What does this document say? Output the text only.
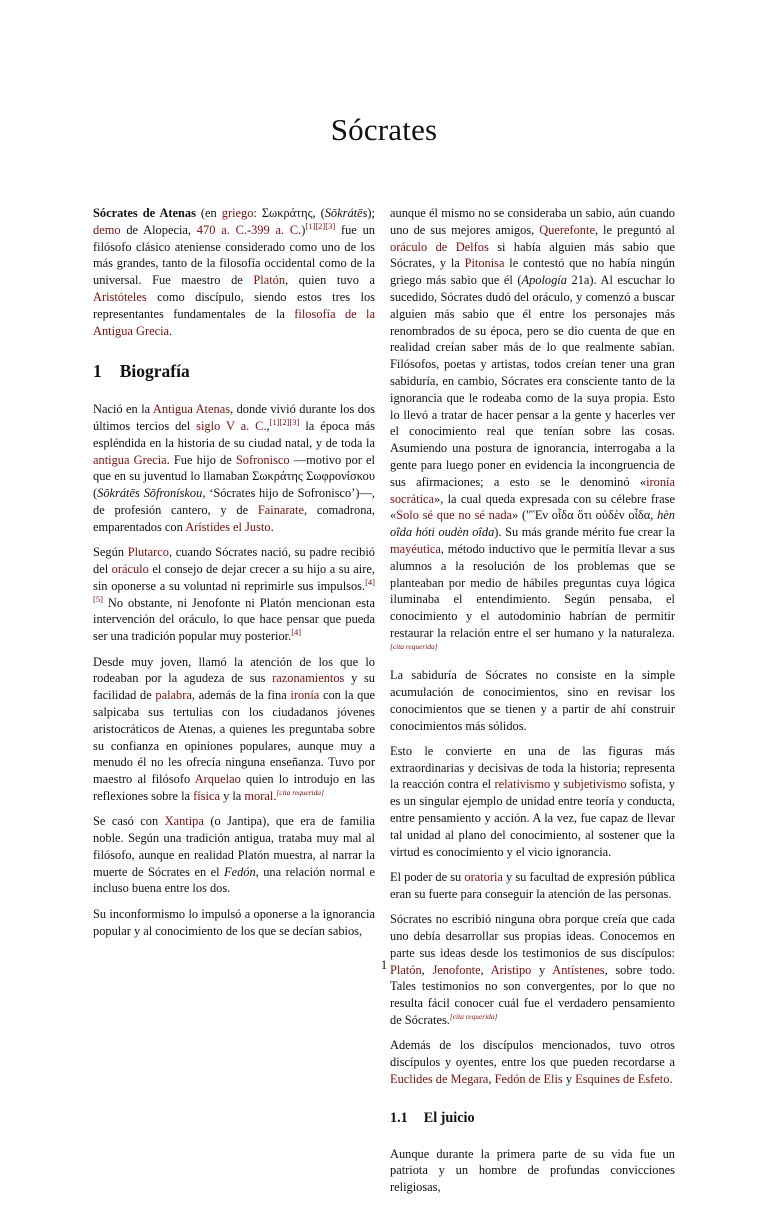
Sócrates

Sócrates de Atenas (en griego: Σωκράτης, (Sōkrátēs); demo de Alopecia, 470 a. C.-399 a. C.)[1][2][3] fue un filósofo clásico ateniense considerado como uno de los más grandes, tanto de la filosofía occidental como de la universal. Fue maestro de Platón, quien tuvo a Aristóteles como discípulo, siendo estos tres los representantes fundamentales de la filosofía de la Antigua Grecia.

1 Biografía

Nació en la Antigua Atenas, donde vivió durante los dos últimos tercios del siglo V a. C.,[1][2][3] la época más espléndida en la historia de su ciudad natal, y de toda la antigua Grecia. Fue hijo de Sofronisco —motivo por el que en su juventud lo llamaban Σωκράτης Σωφρονίσκου (Sōkrátēs Sōfronískou, ‘Sócrates hijo de Sofronisco’)—, de profesión cantero, y de Fainarate, comadrona, emparentados con Arístides el Justo.

Según Plutarco, cuando Sócrates nació, su padre recibió del oráculo el consejo de dejar crecer a su hijo a su aire, sin oponerse a su voluntad ni reprimirle sus impulsos.[4][5] No obstante, ni Jenofonte ni Platón mencionan esta intervención del oráculo, lo que hace pensar que pueda ser una tradición popular muy posterior.[4]

Desde muy joven, llamó la atención de los que lo rodeaban por la agudeza de sus razonamientos y su facilidad de palabra, además de la fina ironía con la que salpicaba sus tertulias con los ciudadanos jóvenes aristocráticos de Atenas, a quienes les preguntaba sobre su confianza en opiniones populares, aunque muy a menudo él no les ofrecía ninguna enseñanza. Tuvo por maestro al filósofo Arquelao quien lo introdujo en las reflexiones sobre la física y la moral.[cita requerida]

Se casó con Xantipa (o Jantipa), que era de familia noble. Según una tradición antigua, trataba muy mal al filósofo, aunque en realidad Platón muestra, al narrar la muerte de Sócrates en el Fedón, una relación normal e incluso buena entre los dos.

Su inconformismo lo impulsó a oponerse a la ignorancia popular y al conocimiento de los que se decían sabios,

aunque él mismo no se consideraba un sabio, aún cuando uno de sus mejores amigos, Querefonte, le preguntó al oráculo de Delfos si había alguien más sabio que Sócrates, y la Pitonisa le contestó que no había ningún griego más sabio que él (Apología 21a). Al escuchar lo sucedido, Sócrates dudó del oráculo, y comenzó a buscar alguien más sabio que él entre los personajes más renombrados de su época, pero se dio cuenta de que en realidad creían saber más de lo que realmente sabían. Filósofos, poetas y artistas, todos creían tener una gran sabiduría, en cambio, Sócrates era consciente tanto de la ignorancia que le rodeaba como de la suya propia. Esto lo llevó a tratar de hacer pensar a la gente y hacerles ver el conocimiento real que tenían sobre las cosas. Asumiendo una postura de ignorancia, interrogaba a la gente para luego poner en evidencia la incongruencia de sus afirmaciones; a esto se le denominó «ironía socrática», la cual queda expresada con su célebre frase «Solo sé que no sé nada» ("Ἓν οἶδα ὅτι οὐδὲν οἶδα, hèn oîda hóti oudèn oîda). Su más grande mérito fue crear la mayéutica, método inductivo que le permitía llevar a sus alumnos a la resolución de los problemas que se planteaban por medio de hábiles preguntas cuya lógica iluminaba el entendimiento. Según pensaba, el conocimiento y el autodominio habrían de permitir restaurar la relación entre el ser humano y la naturaleza.[cita requerida]

La sabiduría de Sócrates no consiste en la simple acumulación de conocimientos, sino en revisar los conocimientos que se tienen y a partir de ahí construir conocimientos más sólidos.

Esto le convierte en una de las figuras más extraordinarias y decisivas de toda la historia; representa la reacción contra el relativismo y subjetivismo sofista, y es un singular ejemplo de unidad entre teoría y conducta, entre pensamiento y acción. A la vez, fue capaz de llevar tal unidad al plano del conocimiento, al sostener que la virtud es conocimiento y el vicio ignorancia.

El poder de su oratoria y su facultad de expresión pública eran su fuerte para conseguir la atención de las personas.

Sócrates no escribió ninguna obra porque creía que cada uno debía desarrollar sus propias ideas. Conocemos en parte sus ideas desde los testimonios de sus discípulos: Platón, Jenofonte, Aristipo y Antístenes, sobre todo. Tales testimonios no son convergentes, por lo que no resulta fácil conocer cuál fue el verdadero pensamiento de Sócrates.[cita requerida]

Además de los discípulos mencionados, tuvo otros discípulos y oyentes, entre los que pueden recordarse a Euclides de Megara, Fedón de Elis y Esquines de Esfeto.

1.1 El juicio

Aunque durante la primera parte de su vida fue un patriota y un hombre de profundas convicciones religiosas,

1
